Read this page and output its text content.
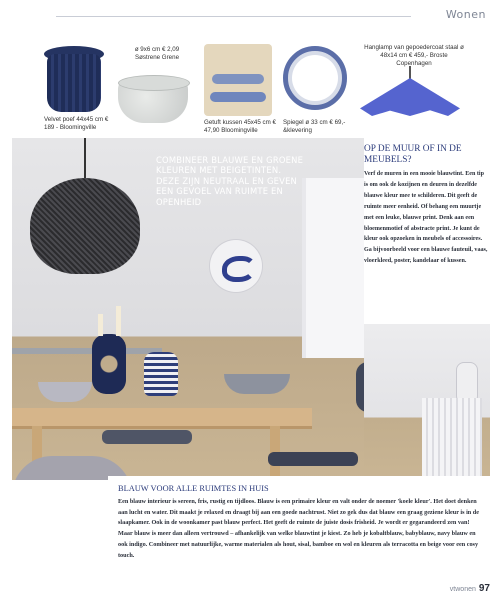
Wonen
Velvet poef 44x45 cm € 189 - Bloomingville
ø 9x6 cm € 2,09 Søstrene Grene
Getuft kussen 45x45 cm € 47,90 Bloomingville
Spiegel ø 33 cm € 69,- &klevering
Hanglamp van gepoedercoat staal ø 48x14 cm € 459,- Broste Copenhagen
COMBINEER BLAUWE EN GROENE KLEUREN MET BEIGETINTEN. DEZE ZIJN NEUTRAAL EN GEVEN EEN GEVOEL VAN RUIMTE EN OPENHEID

OP DE MUUR OF IN DE MEUBELS?

Verf de muren in een mooie blauwtint. Een tip is om ook de kozijnen en deuren in dezelfde blauwe kleur mee te schilderen. Dit geeft de ruimte meer eenheid. Of behang een muurtje met een leuke, blauwe print. Denk aan een bloemenmotief of abstracte print. Je kunt de kleur ook opzoeken in meubels of accessoires. Ga bijvoorbeeld voor een blauwe fauteuil, vaas, vloerkleed, poster, kandelaar of kussen.

BLAUW VOOR ALLE RUIMTES IN HUIS

Een blauw interieur is sereen, fris, rustig en tijdloos. Blauw is een primaire kleur en valt onder de noemer 'koele kleur'. Het doet denken aan lucht en water. Dit maakt je relaxed en draagt bij aan een goede nachtrust. Niet zo gek dus dat blauw een graag geziene kleur is in de slaapkamer. Ook in de woonkamer past blauw perfect. Het geeft de ruimte de juiste dosis frisheid. Je wordt er gegarandeerd zen van! Maar blauw is meer dan alleen vertrouwd – afhankelijk van welke blauwtint je kiest. Zo heb je kobaltblauw, babyblauw, navy blauw en ook indigo. Combineer met natuurlijke, warme materialen als hout, sisal, bamboe en wol en kleuren als terracotta en beige voor een cosy touch.

vtwonen 97
